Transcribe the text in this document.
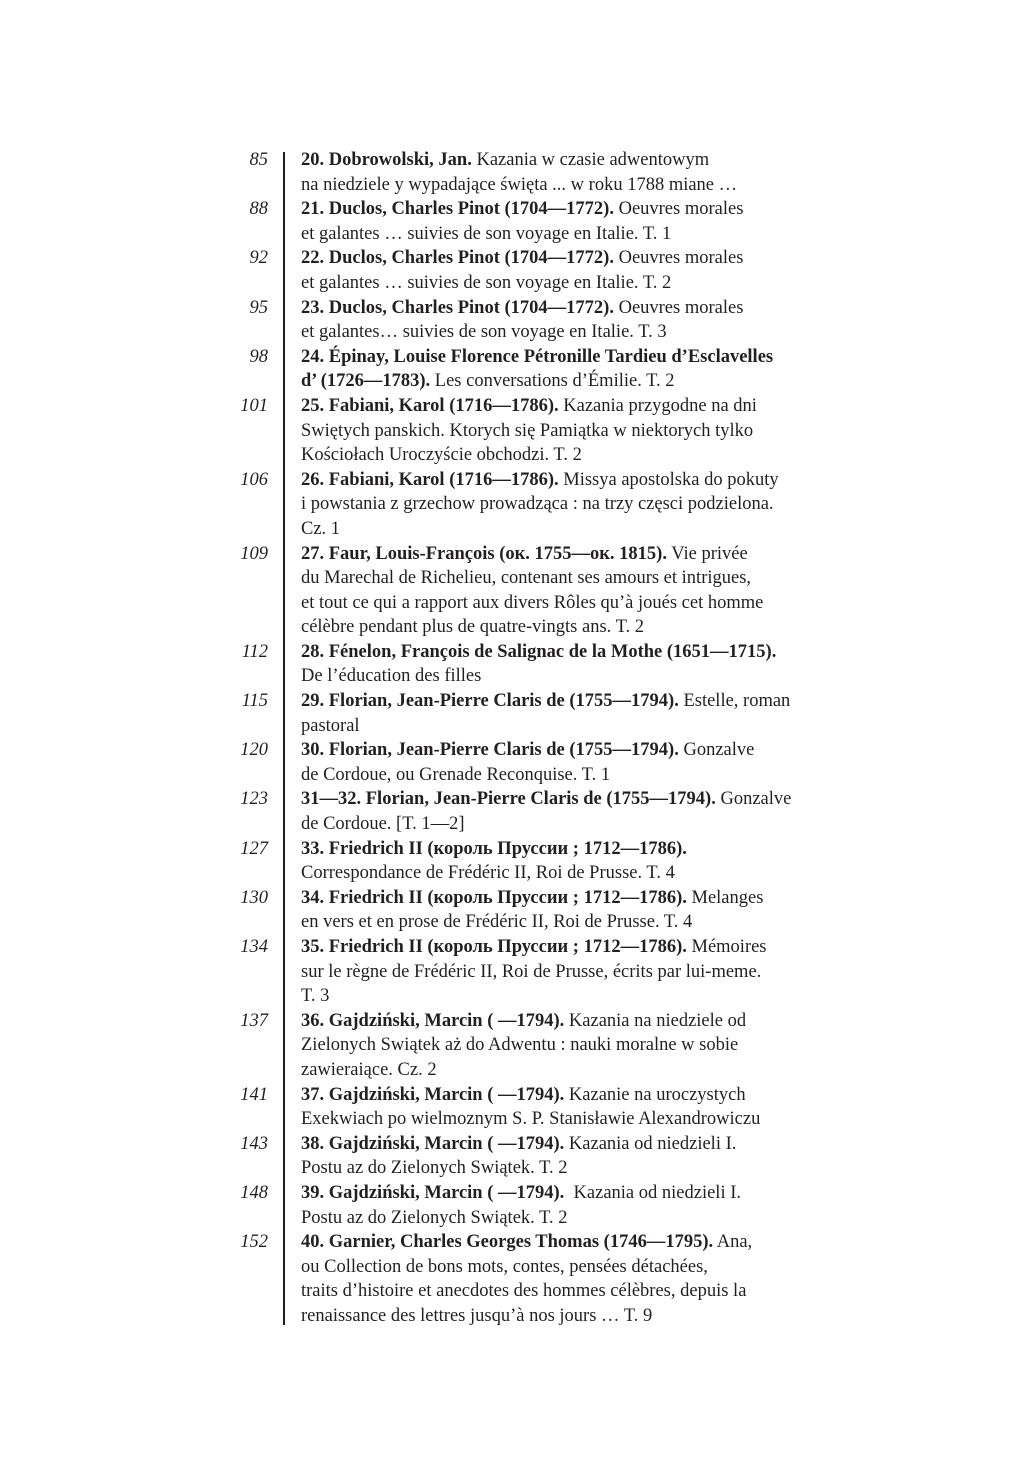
85 20. Dobrowolski, Jan. Kazania w czasie adwentowym
na niedziele y wypadające święta ... w roku 1788 miane …
88 21. Duclos, Charles Pinot (1704—1772). Oeuvres morales
et galantes … suivies de son voyage en Italie. T. 1
92 22. Duclos, Charles Pinot (1704—1772). Oeuvres morales
et galantes … suivies de son voyage en Italie. T. 2
95 23. Duclos, Charles Pinot (1704—1772). Oeuvres morales
et galantes… suivies de son voyage en Italie. T. 3
98 24. Épinay, Louise Florence Pétronille Tardieu d’Esclavelles
d’ (1726—1783). Les conversations d’Émilie. T. 2
101 25. Fabiani, Karol (1716—1786). Kazania przygodne na dni
Swiętych panskich. Ktorych się Pamiątka w niektorych tylko
Kościołach Uroczyście obchodzi. T. 2
106 26. Fabiani, Karol (1716—1786). Missya apostolska do pokuty
i powstania z grzechow prowadząca : na trzy częsci podzielona.
Cz. 1
109 27. Faur, Louis-François (ок. 1755—ок. 1815). Vie privée
du Marechal de Richelieu, contenant ses amours et intrigues,
et tout ce qui a rapport aux divers Rôles qu’à joués cet homme
célèbre pendant plus de quatre-vingts ans. T. 2
112 28. Fénelon, François de Salignac de la Mothe (1651—1715).
De l’éducation des filles
115 29. Florian, Jean-Pierre Claris de (1755—1794). Estelle, roman
pastoral
120 30. Florian, Jean-Pierre Claris de (1755—1794). Gonzalve
de Cordoue, ou Grenade Reconquise. T. 1
123 31—32. Florian, Jean-Pierre Claris de (1755—1794). Gonzalve
de Cordoue. [T. 1—2]
127 33. Friedrich II (король Пруссии ; 1712—1786).
Correspondance de Frédéric II, Roi de Prusse. T. 4
130 34. Friedrich II (король Пруссии ; 1712—1786). Melanges
en vers et en prose de Frédéric II, Roi de Prusse. T. 4
134 35. Friedrich II (король Пруссии ; 1712—1786). Mémoires
sur le règne de Frédéric II, Roi de Prusse, écrits par lui-meme.
T. 3
137 36. Gajdziński, Marcin ( —1794). Kazania na niedziele od
Zielonych Swiątek aż do Adwentu : nauki moralne w sobie
zawieraiące. Cz. 2
141 37. Gajdziński, Marcin ( —1794). Kazanie na uroczystych
Exekwiach po wielmoznym S. P. Stanisławie Alexandrowiczu
143 38. Gajdziński, Marcin ( —1794). Kazania od niedzieli I.
Postu az do Zielonych Swiątek. T. 2
148 39. Gajdziński, Marcin ( —1794).  Kazania od niedzieli I.
Postu az do Zielonych Swiątek. T. 2
152 40. Garnier, Charles Georges Thomas (1746—1795). Ana,
ou Collection de bons mots, contes, pensées détachées,
traits d’histoire et anecdotes des hommes célèbres, depuis la
renaissance des lettres jusqu’à nos jours … T. 9
